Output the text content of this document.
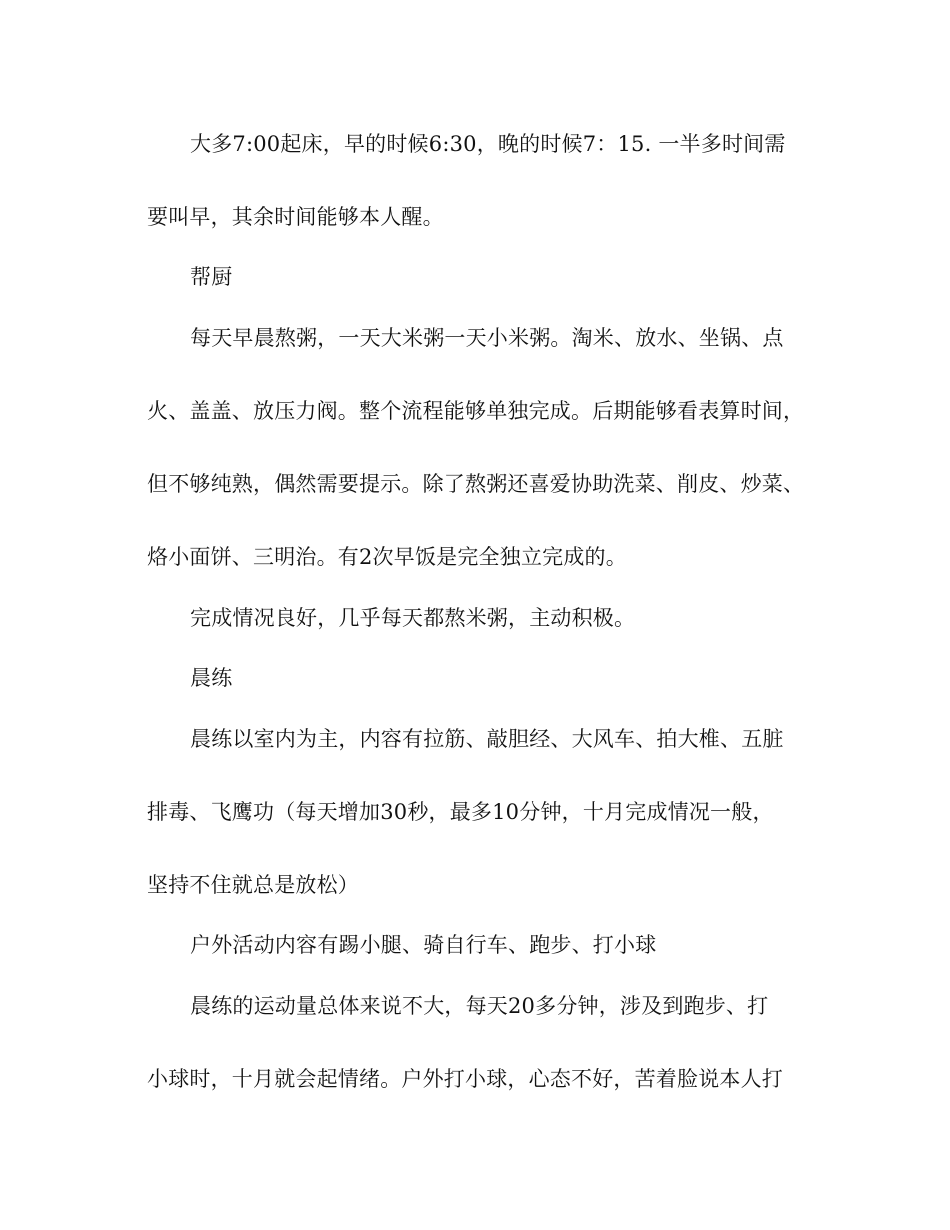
大多7:00起床，早的时候6:30，晚的时候7：15. 一半多时间需
要叫早，其余时间能够本人醒。
帮厨
每天早晨熬粥，一天大米粥一天小米粥。淘米、放水、坐锅、点
火、盖盖、放压力阀。整个流程能够单独完成。后期能够看表算时间，
但不够纯熟，偶然需要提示。除了熬粥还喜爱协助洗菜、削皮、炒菜、
烙小面饼、三明治。有2次早饭是完全独立完成的。
完成情况良好，几乎每天都熬米粥，主动积极。
晨练
晨练以室内为主，内容有拉筋、敲胆经、大风车、拍大椎、五脏
排毒、飞鹰功（每天增加30秒，最多10分钟，十月完成情况一般，
坚持不住就总是放松）
户外活动内容有踢小腿、骑自行车、跑步、打小球
晨练的运动量总体来说不大，每天20多分钟，涉及到跑步、打
小球时，十月就会起情绪。户外打小球，心态不好，苦着脸说本人打
